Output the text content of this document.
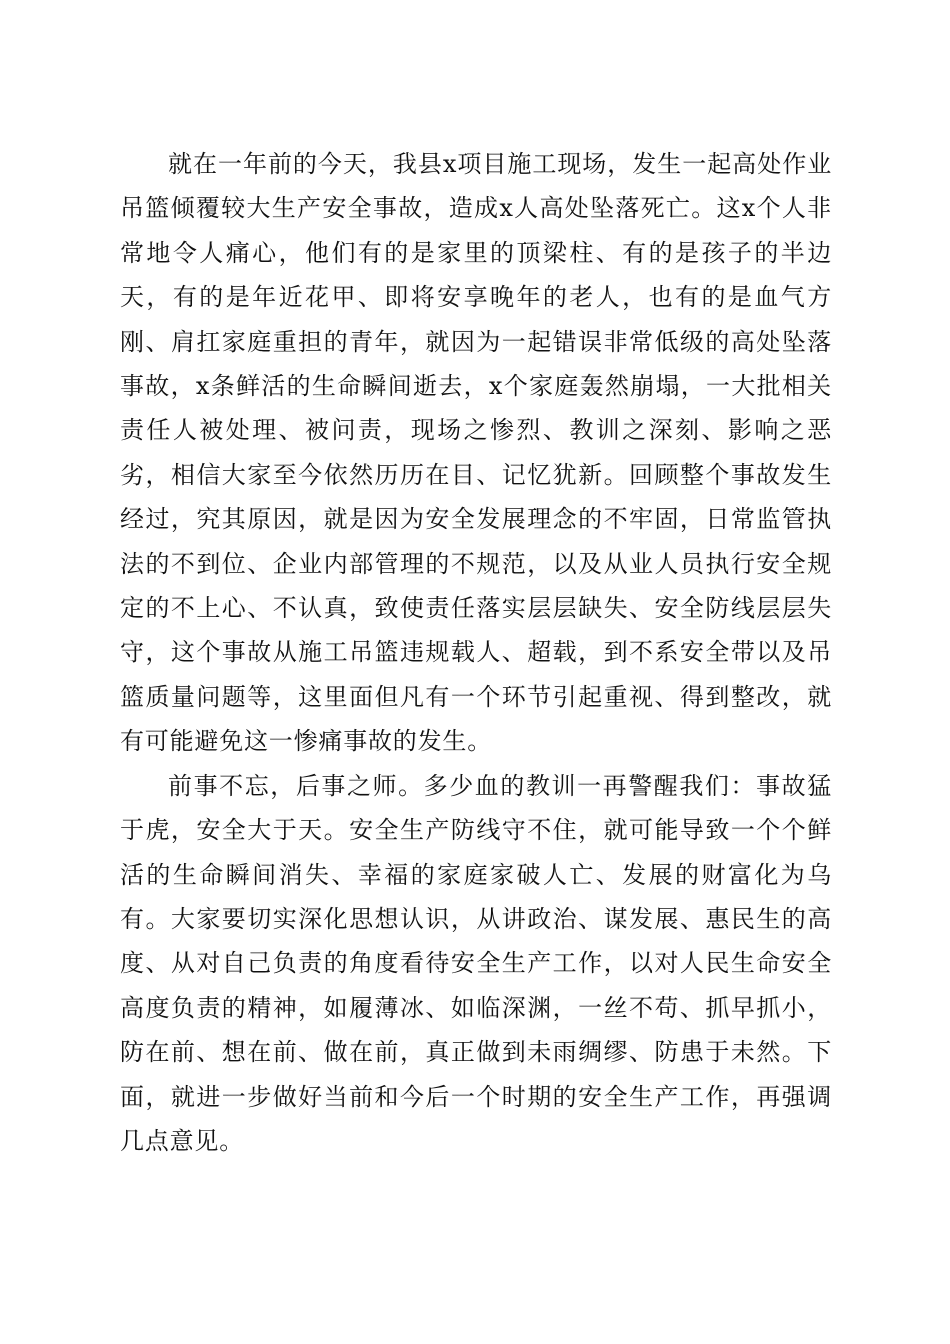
就在一年前的今天，我县x项目施工现场，发生一起高处作业吊篮倾覆较大生产安全事故，造成x人高处坠落死亡。这x个人非常地令人痛心，他们有的是家里的顶梁柱、有的是孩子的半边天，有的是年近花甲、即将安享晚年的老人，也有的是血气方刚、肩扛家庭重担的青年，就因为一起错误非常低级的高处坠落事故，x条鲜活的生命瞬间逝去，x个家庭轰然崩塌，一大批相关责任人被处理、被问责，现场之惨烈、教训之深刻、影响之恶劣，相信大家至今依然历历在目、记忆犹新。回顾整个事故发生经过，究其原因，就是因为安全发展理念的不牢固，日常监管执法的不到位、企业内部管理的不规范，以及从业人员执行安全规定的不上心、不认真，致使责任落实层层缺失、安全防线层层失守，这个事故从施工吊篮违规载人、超载，到不系安全带以及吊篮质量问题等，这里面但凡有一个环节引起重视、得到整改，就有可能避免这一惨痛事故的发生。

前事不忘，后事之师。多少血的教训一再警醒我们：事故猛于虎，安全大于天。安全生产防线守不住，就可能导致一个个鲜活的生命瞬间消失、幸福的家庭家破人亡、发展的财富化为乌有。大家要切实深化思想认识，从讲政治、谋发展、惠民生的高度、从对自己负责的角度看待安全生产工作，以对人民生命安全高度负责的精神，如履薄冰、如临深渊，一丝不苟、抓早抓小，防在前、想在前、做在前，真正做到未雨绸缪、防患于未然。下面，就进一步做好当前和今后一个时期的安全生产工作，再强调几点意见。
